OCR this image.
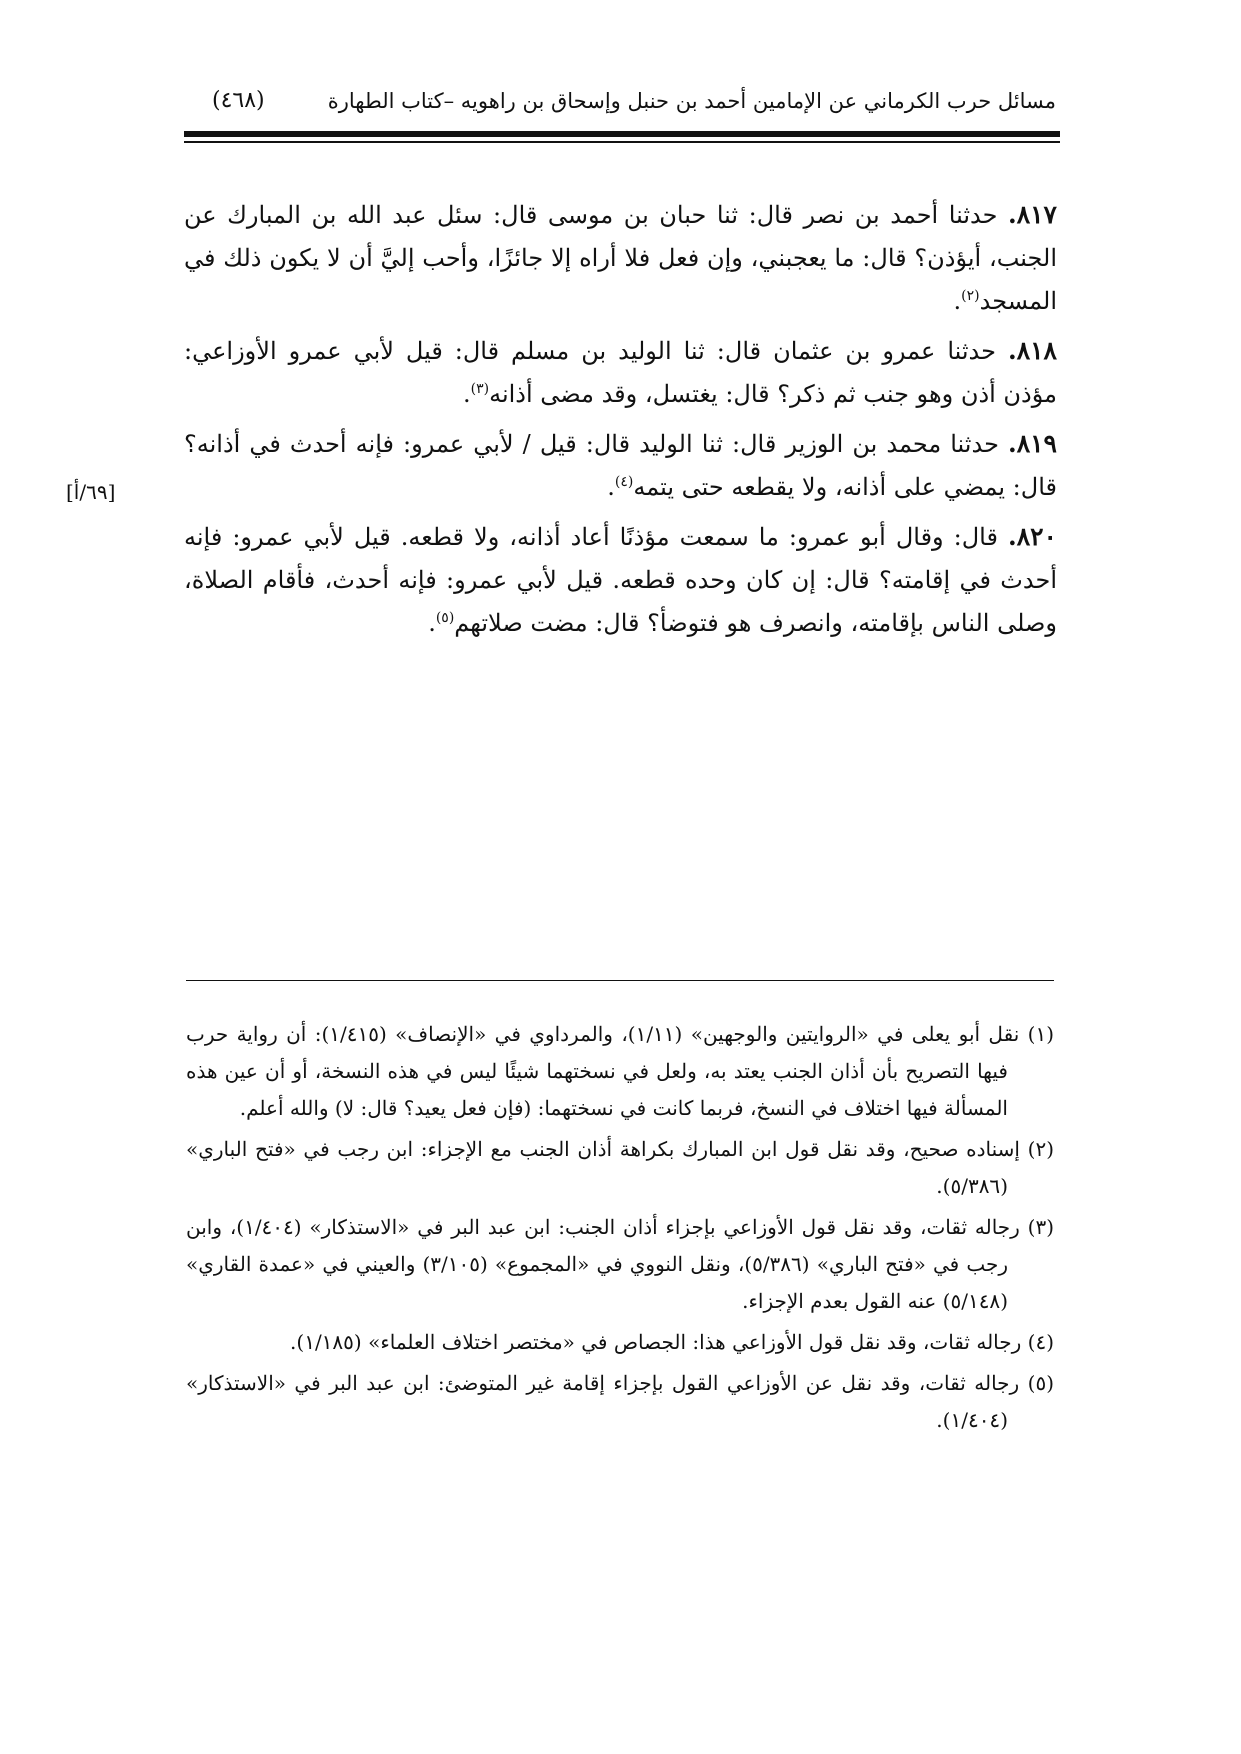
مسائل حرب الكرماني عن الإمامين أحمد بن حنبل وإسحاق بن راهويه –كتاب الطهارة
(٤٦٨)
[٦٩/أ]

٨١٧. حدثنا أحمد بن نصر قال: ثنا حبان بن موسى قال: سئل عبد الله بن المبارك عن الجنب، أيؤذن؟ قال: ما يعجبني، وإن فعل فلا أراه إلا جائزًا، وأحب إليَّ أن لا يكون ذلك في المسجد$^{(٢)}$.

٨١٨. حدثنا عمرو بن عثمان قال: ثنا الوليد بن مسلم قال: قيل لأبي عمرو الأوزاعي: مؤذن أذن وهو جنب ثم ذكر؟ قال: يغتسل، وقد مضى أذانه$^{(٣)}$.

٨١٩. حدثنا محمد بن الوزير قال: ثنا الوليد قال: قيل / لأبي عمرو: فإنه أحدث في أذانه؟ قال: يمضي على أذانه، ولا يقطعه حتى يتمه$^{(٤)}$.

٨٢٠. قال: وقال أبو عمرو: ما سمعت مؤذنًا أعاد أذانه، ولا قطعه. قيل لأبي عمرو: فإنه أحدث في إقامته؟ قال: إن كان وحده قطعه. قيل لأبي عمرو: فإنه أحدث، فأقام الصلاة، وصلى الناس بإقامته، وانصرف هو فتوضأ؟ قال: مضت صلاتهم$^{(٥)}$.

(١) نقل أبو يعلى في «الروايتين والوجهين» (١/١١)، والمرداوي في «الإنصاف» (١/٤١٥): أن رواية حرب فيها التصريح بأن أذان الجنب يعتد به، ولعل في نسختهما شيئًا ليس في هذه النسخة، أو أن عين هذه المسألة فيها اختلاف في النسخ، فربما كانت في نسختهما: (فإن فعل يعيد؟ قال: لا) والله أعلم.

(٢) إسناده صحيح، وقد نقل قول ابن المبارك بكراهة أذان الجنب مع الإجزاء: ابن رجب في «فتح الباري» (٥/٣٨٦).

(٣) رجاله ثقات، وقد نقل قول الأوزاعي بإجزاء أذان الجنب: ابن عبد البر في «الاستذكار» (١/٤٠٤)، وابن رجب في «فتح الباري» (٥/٣٨٦)، ونقل النووي في «المجموع» (٣/١٠٥) والعيني في «عمدة القاري» (٥/١٤٨) عنه القول بعدم الإجزاء.

(٤) رجاله ثقات، وقد نقل قول الأوزاعي هذا: الجصاص في «مختصر اختلاف العلماء» (١/١٨٥).

(٥) رجاله ثقات، وقد نقل عن الأوزاعي القول بإجزاء إقامة غير المتوضئ: ابن عبد البر في «الاستذكار» (١/٤٠٤).
